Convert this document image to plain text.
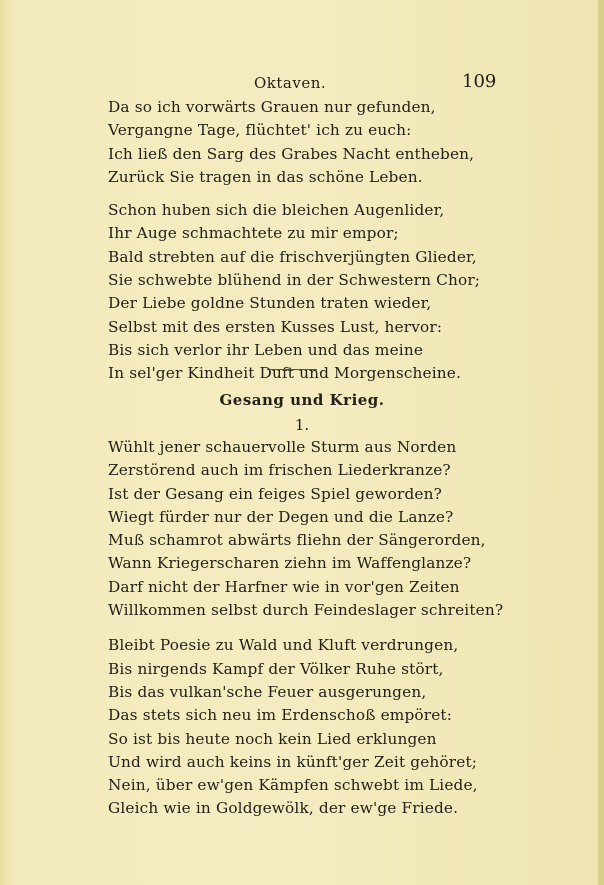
Oktaven.	109
Da so ich vorwärts Grauen nur gefunden,
Vergangne Tage, flüchtet' ich zu euch:
Ich ließ den Sarg des Grabes Nacht entheben,
Zurück Sie tragen in das schöne Leben.
Schon huben sich die bleichen Augenlider,
Ihr Auge schmachtete zu mir empor;
Bald strebten auf die frischverjüngten Glieder,
Sie schwebte blühend in der Schwestern Chor;
Der Liebe goldne Stunden traten wieder,
Selbst mit des ersten Kusses Lust, hervor:
Bis sich verlor ihr Leben und das meine
In sel'ger Kindheit Duft und Morgenscheine.
Gesang und Krieg.
1.
Wühlt jener schauervolle Sturm aus Norden
Zerstörend auch im frischen Liederkranze?
Ist der Gesang ein feiges Spiel geworden?
Wiegt fürder nur der Degen und die Lanze?
Muß schamrot abwärts fliehn der Sängerorden,
Wann Kriegerscharen ziehn im Waffenglanze?
Darf nicht der Harfner wie in vor'gen Zeiten
Willkommen selbst durch Feindeslager schreiten?
Bleibt Poesie zu Wald und Kluft verdrungen,
Bis nirgends Kampf der Völker Ruhe stört,
Bis das vulkan'sche Feuer ausgerungen,
Das stets sich neu im Erdenschoß empöret:
So ist bis heute noch kein Lied erklungen
Und wird auch keins in künft'ger Zeit gehöret;
Nein, über ew'gen Kämpfen schwebt im Liede,
Gleich wie in Goldgewölk, der ew'ge Friede.
